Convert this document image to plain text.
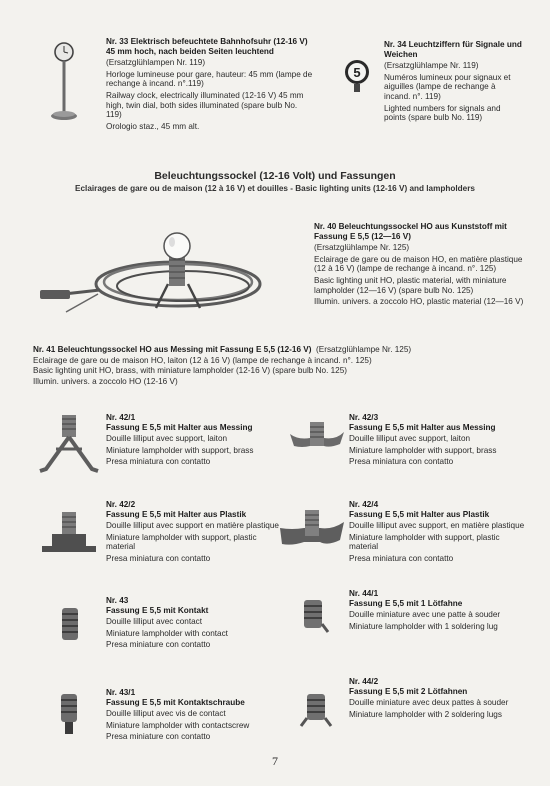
Nr. 33 Elektrisch befeuchtete Bahnhofsuhr (12-16 V) 45 mm hoch, nach beiden Seiten leuchtend

(Ersatzglühlampen Nr. 119)

Horloge lumineuse pour gare, hauteur: 45 mm (lampe de rechange à incand. n°.119)

Railway clock, electrically illuminated (12-16 V) 45 mm high, twin dial, both sides illuminated (spare bulb No. 119)

Orologio staz., 45 mm alt.

5

Nr. 34 Leuchtziffern für Signale und Weichen

(Ersatzglühlampe Nr. 119)

Numéros lumineux pour signaux et aiguilles (lampe de rechange à incand. n°. 119)

Lighted numbers for signals and points (spare bulb No. 119)

Beleuchtungssockel (12-16 Volt) und Fassungen
Eclairages de gare ou de maison (12 à 16 V) et douilles - Basic lighting units (12-16 V) and lampholders

Nr. 40 Beleuchtungssockel HO aus Kunststoff mit Fassung E 5,5 (12—16 V)

(Ersatzglühlampe Nr. 125)

Eclairage de gare ou de maison HO, en matière plastique (12 à 16 V) (lampe de rechange à incand. n°. 125)

Basic lighting unit HO, plastic material, with miniature lampholder (12—16 V) (spare bulb No. 125)

Illumin. univers. a zoccolo HO, plastic material (12—16 V)

Nr. 41 Beleuchtungssockel HO aus Messing mit Fassung E 5,5 (12-16 V) (Ersatzglühlampe Nr. 125)

Eclairage de gare ou de maison HO, laiton (12 à 16 V) (lampe de rechange à incand. n°. 125)

Basic lighting unit HO, brass, with miniature lampholder (12-16 V) (spare bulb No. 125)

Illumin. univers. a zoccolo HO (12-16 V)

Nr. 42/1

Fassung E 5,5 mit Halter aus Messing

Douille lilliput avec support, laiton

Miniature lampholder with support, brass

Presa miniatura con contatto

Nr. 42/3

Fassung E 5,5 mit Halter aus Messing

Douille lilliput avec support, laiton

Miniature lampholder with support, brass

Presa miniatura con contatto

Nr. 42/2

Fassung E 5,5 mit Halter aus Plastik

Douille lilliput avec support en matière plastique

Miniature lampholder with support, plastic material

Presa miniatura con contatto

Nr. 42/4

Fassung E 5,5 mit Halter aus Plastik

Douille lilliput avec support, en matière plastique

Miniature lampholder with support, plastic material

Presa miniatura con contatto

Nr. 43

Fassung E 5,5 mit Kontakt

Douille lilliput avec contact

Miniature lampholder with contact

Presa miniature con contatto

Nr. 44/1

Fassung E 5,5 mit 1 Lötfahne

Douille miniature avec une patte à souder

Miniature lampholder with 1 soldering lug

Nr. 43/1

Fassung E 5,5 mit Kontaktschraube

Douille lilliput avec vis de contact

Miniature lampholder with contactscrew

Presa miniature con contatto

Nr. 44/2

Fassung E 5,5 mit 2 Lötfahnen

Douille miniature avec deux pattes à souder

Miniature lampholder with 2 soldering lugs

7
